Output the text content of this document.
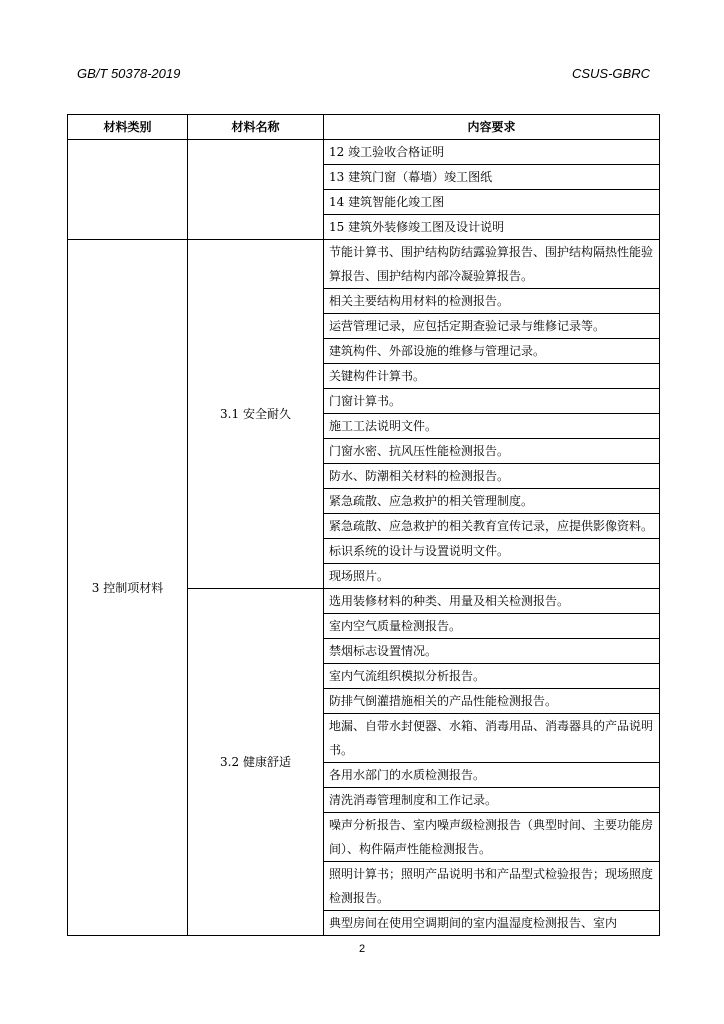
GB/T 50378-2019	CSUS-GBRC
材料类别	材料名称	内容要求
		12 竣工验收合格证明
		13 建筑门窗（幕墙）竣工图纸
		14 建筑智能化竣工图
		15 建筑外装修竣工图及设计说明
3 控制项材料	3.1 安全耐久	节能计算书、围护结构防结露验算报告、围护结构隔热性能验算报告、围护结构内部冷凝验算报告。
		相关主要结构用材料的检测报告。
		运营管理记录，应包括定期查验记录与维修记录等。
		建筑构件、外部设施的维修与管理记录。
		关键构件计算书。
		门窗计算书。
		施工工法说明文件。
		门窗水密、抗风压性能检测报告。
		防水、防潮相关材料的检测报告。
		紧急疏散、应急救护的相关管理制度。
		紧急疏散、应急救护的相关教育宣传记录，应提供影像资料。
		标识系统的设计与设置说明文件。
		现场照片。
	3.2 健康舒适	选用装修材料的种类、用量及相关检测报告。
		室内空气质量检测报告。
		禁烟标志设置情况。
		室内气流组织模拟分析报告。
		防排气倒灌措施相关的产品性能检测报告。
		地漏、自带水封便器、水箱、消毒用品、消毒器具的产品说明书。
		各用水部门的水质检测报告。
		清洗消毒管理制度和工作记录。
		噪声分析报告、室内噪声级检测报告（典型时间、主要功能房间）、构件隔声性能检测报告。
		照明计算书；照明产品说明书和产品型式检验报告；现场照度检测报告。
		典型房间在使用空调期间的室内温湿度检测报告、室内
2
